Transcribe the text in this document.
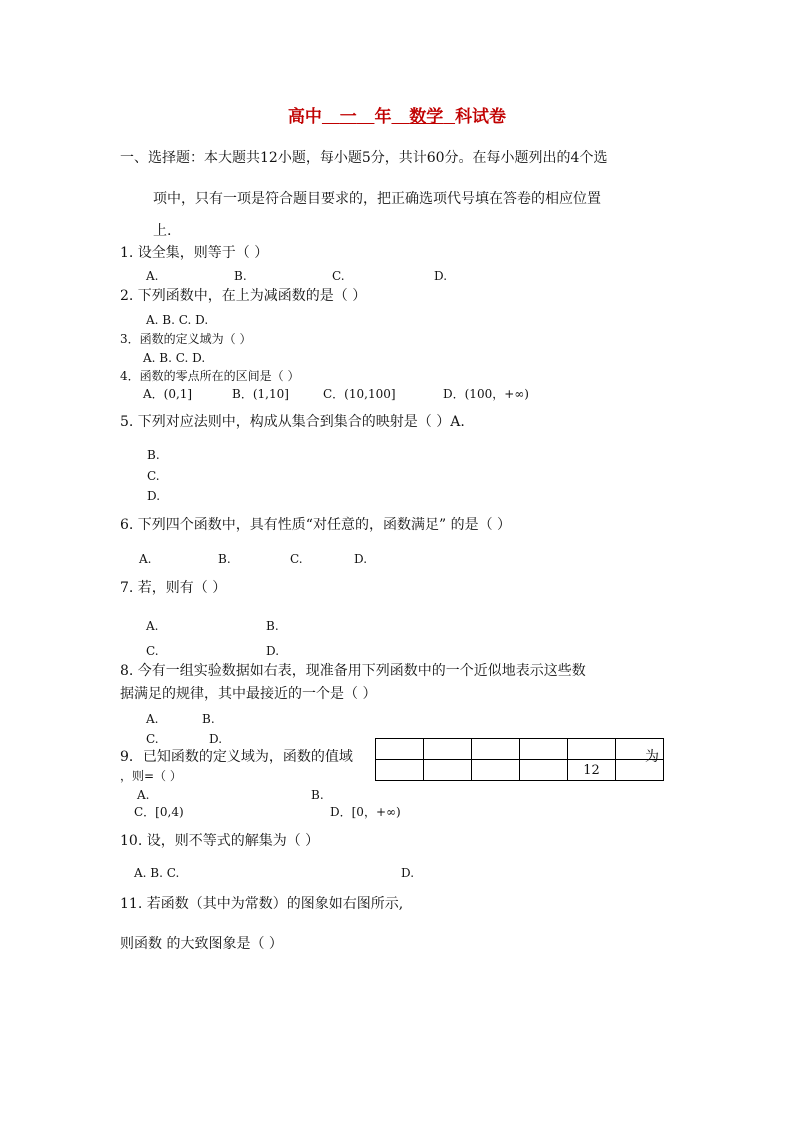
高中 一 年 数学 科试卷
一、选择题：本大题共12小题，每小题5分，共计60分。在每小题列出的4个选
项中，只有一项是符合题目要求的，把正确选项代号填在答卷的相应位置
上.
1. 设全集，则等于（ ）
A.	B.	C.	D.
2. 下列函数中，在上为减函数的是（ ）
A. B. C. D.
3．函数的定义域为（ ）
A. B. C. D.
4．函数的零点所在的区间是（ ）
A．(0,1]	B．(1,10]	C．(10,100]	D．(100，+∞)
5. 下列对应法则中，构成从集合到集合的映射是（ ）A.
B.
C.
D.
6. 下列四个函数中，具有性质“对任意的，函数满足” 的是（ ）
A.	B.	C.	D.
7. 若，则有（ ）
A.	B.
C.	D.
8. 今有一组实验数据如右表，现准备用下列函数中的一个近似地表示这些数
据满足的规律，其中最接近的一个是（ ）
A.	B.
C.	D.

				12	
9．已知函数的定义域为，函数的值域	为
，则=（ ）
A.	B.
C．[0,4)	D．[0，+∞)
10. 设，则不等式的解集为（ ）
A. B. C.	D.
11. 若函数（其中为常数）的图象如右图所示,
则函数 的大致图象是（ ）
